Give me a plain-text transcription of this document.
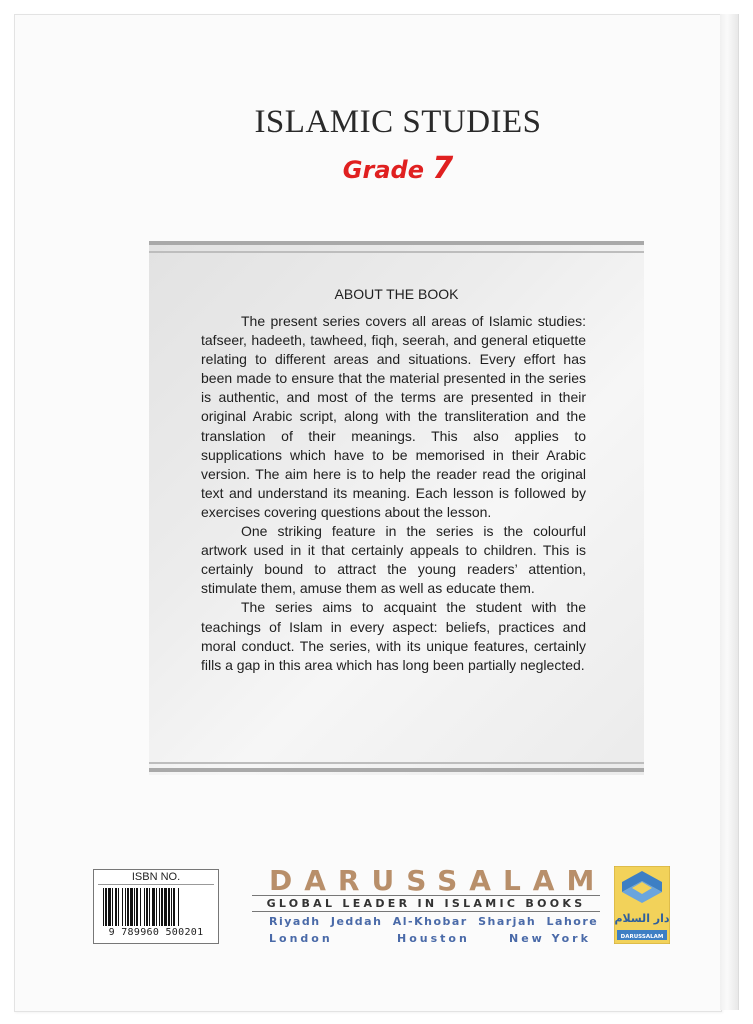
ISLAMIC STUDIES
Grade 7
ABOUT THE BOOK

The present series covers all areas of Islamic studies: tafseer, hadeeth, tawheed, fiqh, seerah, and general etiquette relating to different areas and situations. Every effort has been made to ensure that the material presented in the series is authentic, and most of the terms are presented in their original Arabic script, along with the transliteration and the translation of their meanings. This also applies to supplications which have to be memorised in their Arabic version. The aim here is to help the reader read the original text and understand its meaning. Each lesson is followed by exercises covering questions about the lesson.

One striking feature in the series is the colourful artwork used in it that certainly appeals to children. This is certainly bound to attract the young readers’ attention, stimulate them, amuse them as well as educate them.

The series aims to acquaint the student with the teachings of Islam in every aspect: beliefs, practices and moral conduct. The series, with its unique features, certainly fills a gap in this area which has long been partially neglected.

ISBN NO.
9 789960 500201
DARUSSALAM
GLOBAL LEADER IN ISLAMIC BOOKS
Riyadh Jeddah Al-Khobar Sharjah Lahore
London	Houston	New York
دار السلام
DARUSSALAM
